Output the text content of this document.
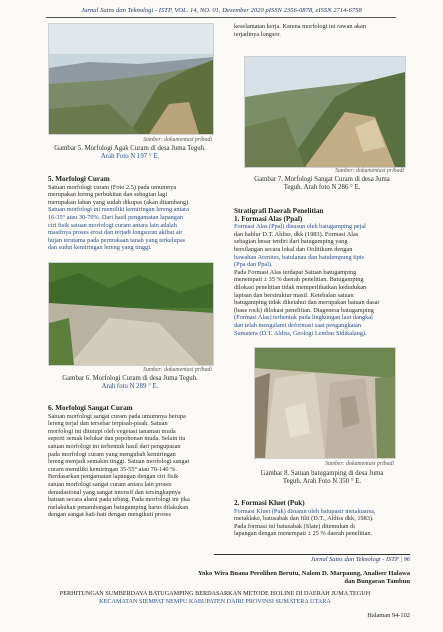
Jurnal Sains dan Teknologi - ISTP, VOL. 14, NO. 01, Desember 2020 pISSN 2356-0878, eISSN 2714-6758
Sumber: dokumentasi pribadi
Gambar 5. Morfologi Agak Curam di desa Juma Teguh.
Arah Foto N 197 ° E.

5. Morfologi Curam

Satuan morfologi curam (Foto 2.5) pada umumnya

merupakan lereng perbukitan dan sebagian lagi

merupakan lahan yang sudah dikupas (akan ditambang).

Satuan morfologi ini memiliki kemiringan lereng antara

16-35° atau 30-70%. Dari hasil pengamatan lapangan

ciri fisik satuan morfologi curam antara lain adalah

masifnya proses erosi dan terjadi longsoran akibat air

hujan terutama pada permukaan tanah yang terkelupas

dan sudut kemiringan lereng yang tinggi.

Sumber: dokumentasi pribadi
Gambar 6. Morfologi Curam di desa Juma Teguh.
Arah foto N 289 ° E.

6. Morfologi Sangat Curam

Satuan morfologi sangat curam pada umumnya berupa

lereng terjal dan tersebar terpisah-pisah. Satuan

morfologi ini ditutupi oleh vegetasi tanaman muda

seperti semak belukar dan pepohonan muda. Selain itu

satuan morfologi ini terbentuk hasil dari pengupasan

pada morfologi curam yang mengubah kemiringan

lereng menjadi semakin tinggi. Satuan morfologi sangat

curam memiliki kemiringan 35-55° atau 70-140 %.

Berdasarkan pengamatan lapangan dengan ciri fisik

satuan morfologi sangat curam antara lain proses

denudasional yang sangat intensif dan tersingkapnya

batuan secara alami pada tebing. Pada morfologi ini jika

melakukan penambangan batugamping harus dilakukan

dengan sangat hati-hati dengan mengikuti proses

keselamatan kerja. Karena morfologi ini rawan akan

terjadinya longsor.

Sumber: dokumentasi pribadi
Gambar 7. Morfologi Sangat Curam di desa Juma
Teguh. Arah foto N 286 ° E.

Stratigrafi Daerah Penelitian

1. Formasi Alas (Ppal)

Formasi Alas (Ppal) disusun oleh batugamping pejal

dan hablur D.T. Aldiss, dkk (1983). Formasi Alas

sebagian besar terdiri dari batugamping yang

bersilangan secara lokal dan Oolitikum dengan

bawahan Arenites, batulanau dan batulempung tipis

(Ppa dan Ppal).

Pada Formasi Alas terdapat Satuan batugamping

menempati ± 35 % daerah penelitian. Batugamping

dilokasi penelitian tidak memperlihatkan kedudukan

lapisan dan berstruktur masif. Ketebalan satuan

batugamping tidak diketahui dan merupakan batuan dasar

(base rock) dilokasi penelitian. Diagenesa batugamping

(Formasi Alas) terbentuk pada lingkungan laut dangkal

dan telah mengalami deformasi saat pengangkatan

Sumatera (D.T. Aldiss, Geologi Lembar Sidikalang).

Sumber: dokumentasi pribadi
Gambar 8. Satuan batugamping di desa Juma
Teguh. Arah Foto N 350 ° E.

2. Formasi Kluet (Puk)

Formasi Kluet (Puk) disusun oleh batupasir metakuarsa,

metaklake, batusabak dan filit (D.T., Aldiss dkk, 1983).

Pada formasi ini batusabak (Slate) ditemukan di

lapangan dengan menempati ± 25 % daerah penelitian.

Jurnal Sains dan Teknologi - ISTP | 96
Yoko Wira Buana Perolihen Berutu, Nalom D. Marpaung, Analiser Halawa
dan Bungaran Tambun
PERHITUNGAN SUMBERDAYA BATUGAMPING BERDASARKAN METODE ISOLINE DI DAERAH JUMA TEGUH
KECAMATAN SIEMPAT NEMPU KABUPATEN DAIRI PROVINSI SUMATERA UTARA
Halaman 94-102
